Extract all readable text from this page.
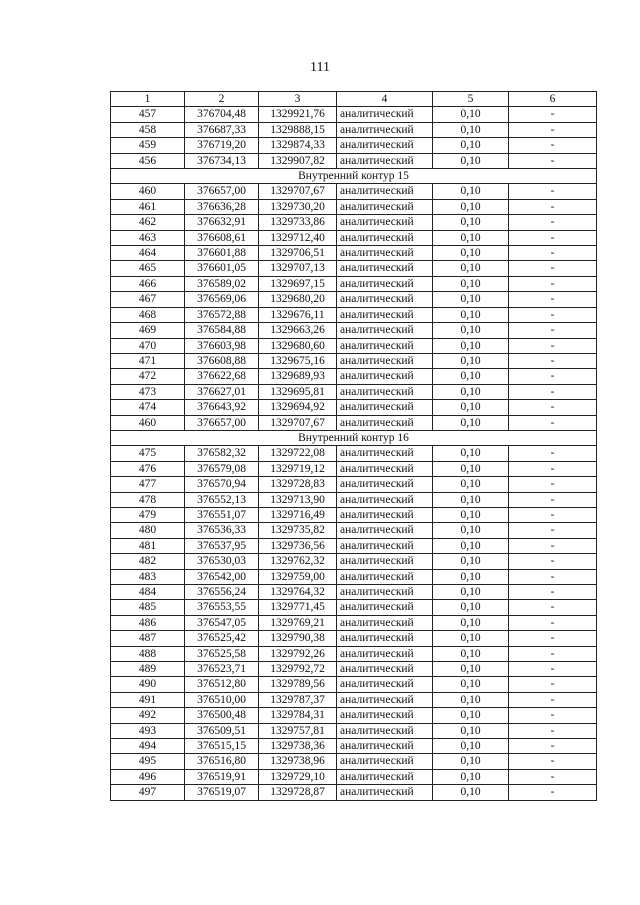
111
1	2	3	4	5	6
457	376704,48	1329921,76	аналитический	0,10	-
458	376687,33	1329888,15	аналитический	0,10	-
459	376719,20	1329874,33	аналитический	0,10	-
456	376734,13	1329907,82	аналитический	0,10	-
Внутренний контур 15					
460	376657,00	1329707,67	аналитический	0,10	-
461	376636,28	1329730,20	аналитический	0,10	-
462	376632,91	1329733,86	аналитический	0,10	-
463	376608,61	1329712,40	аналитический	0,10	-
464	376601,88	1329706,51	аналитический	0,10	-
465	376601,05	1329707,13	аналитический	0,10	-
466	376589,02	1329697,15	аналитический	0,10	-
467	376569,06	1329680,20	аналитический	0,10	-
468	376572,88	1329676,11	аналитический	0,10	-
469	376584,88	1329663,26	аналитический	0,10	-
470	376603,98	1329680,60	аналитический	0,10	-
471	376608,88	1329675,16	аналитический	0,10	-
472	376622,68	1329689,93	аналитический	0,10	-
473	376627,01	1329695,81	аналитический	0,10	-
474	376643,92	1329694,92	аналитический	0,10	-
460	376657,00	1329707,67	аналитический	0,10	-
Внутренний контур 16					
475	376582,32	1329722,08	аналитический	0,10	-
476	376579,08	1329719,12	аналитический	0,10	-
477	376570,94	1329728,83	аналитический	0,10	-
478	376552,13	1329713,90	аналитический	0,10	-
479	376551,07	1329716,49	аналитический	0,10	-
480	376536,33	1329735,82	аналитический	0,10	-
481	376537,95	1329736,56	аналитический	0,10	-
482	376530,03	1329762,32	аналитический	0,10	-
483	376542,00	1329759,00	аналитический	0,10	-
484	376556,24	1329764,32	аналитический	0,10	-
485	376553,55	1329771,45	аналитический	0,10	-
486	376547,05	1329769,21	аналитический	0,10	-
487	376525,42	1329790,38	аналитический	0,10	-
488	376525,58	1329792,26	аналитический	0,10	-
489	376523,71	1329792,72	аналитический	0,10	-
490	376512,80	1329789,56	аналитический	0,10	-
491	376510,00	1329787,37	аналитический	0,10	-
492	376500,48	1329784,31	аналитический	0,10	-
493	376509,51	1329757,81	аналитический	0,10	-
494	376515,15	1329738,36	аналитический	0,10	-
495	376516,80	1329738,96	аналитический	0,10	-
496	376519,91	1329729,10	аналитический	0,10	-
497	376519,07	1329728,87	аналитический	0,10	-
